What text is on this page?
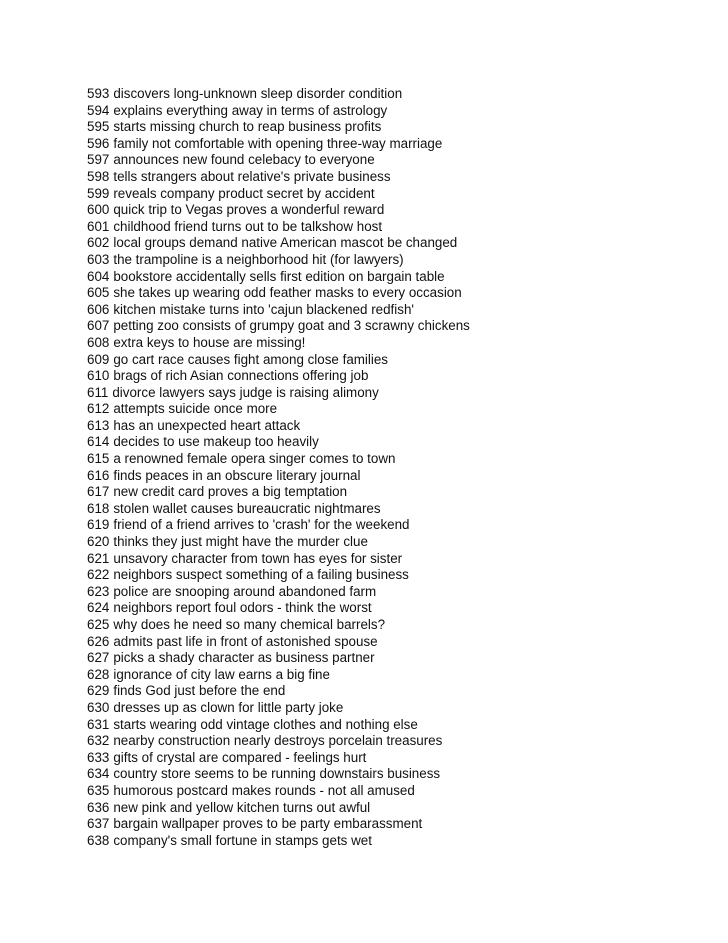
593 discovers long-unknown sleep disorder condition
594 explains everything away in terms of astrology
595 starts missing church to reap business profits
596 family not comfortable with opening three-way marriage
597 announces new found celebacy to everyone
598 tells strangers about relative's private business
599 reveals company product secret by accident
600 quick trip to Vegas proves a wonderful reward
601 childhood friend turns out to be talkshow host
602 local groups demand native American mascot be changed
603 the trampoline is a neighborhood hit (for lawyers)
604 bookstore accidentally sells first edition on bargain table
605 she takes up wearing odd feather masks to every occasion
606 kitchen mistake turns into 'cajun blackened redfish'
607 petting zoo consists of grumpy goat and 3 scrawny chickens
608 extra keys to house are missing!
609 go cart race causes fight among close families
610 brags of rich Asian connections offering job
611 divorce lawyers says judge is raising alimony
612 attempts suicide once more
613 has an unexpected heart attack
614 decides to use makeup too heavily
615 a renowned female opera singer comes to town
616 finds peaces in an obscure literary journal
617 new credit card proves a big temptation
618 stolen wallet causes bureaucratic nightmares
619 friend of a friend arrives to 'crash' for the weekend
620 thinks they just might have the murder clue
621 unsavory character from town has eyes for sister
622 neighbors suspect something of a failing business
623 police are snooping around abandoned farm
624 neighbors report foul odors - think the worst
625 why does he need so many chemical barrels?
626 admits past life in front of astonished spouse
627 picks a shady character as business partner
628 ignorance of city law earns a big fine
629 finds God just before the end
630 dresses up as clown for little party joke
631 starts wearing odd vintage clothes and nothing else
632 nearby construction nearly destroys porcelain treasures
633 gifts of crystal are compared - feelings hurt
634 country store seems to be running downstairs business
635 humorous postcard makes rounds - not all amused
636 new pink and yellow kitchen turns out awful
637 bargain wallpaper proves to be party embarassment
638 company's small fortune in stamps gets wet
